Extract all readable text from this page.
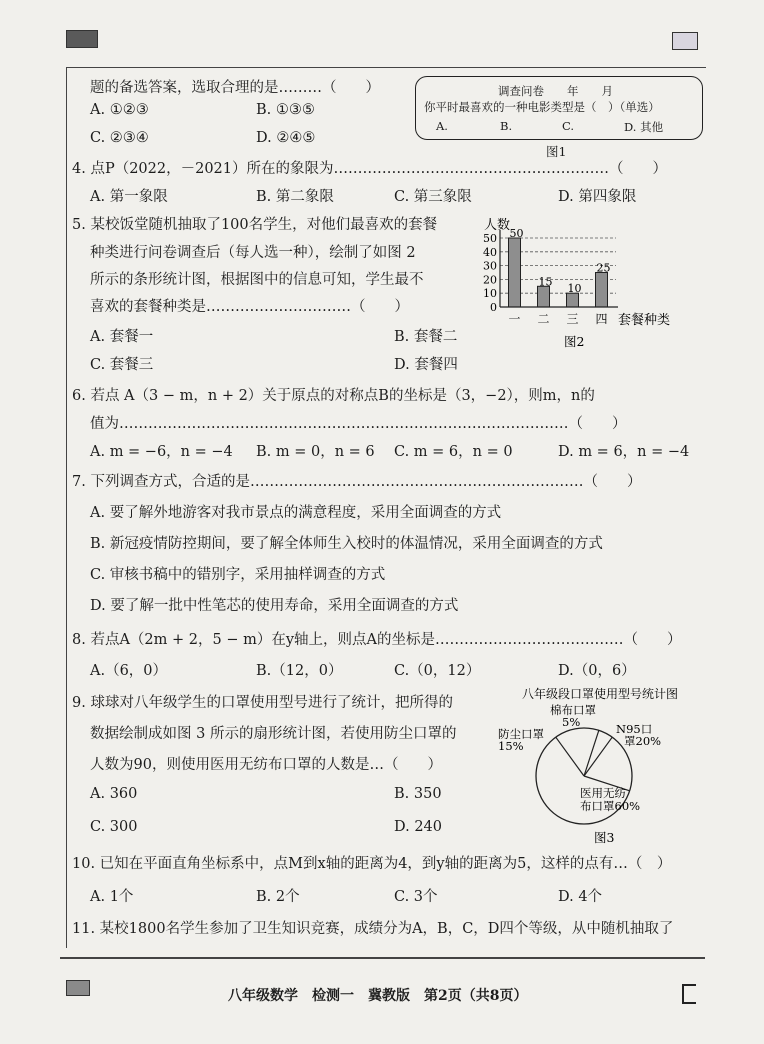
题的备选答案，选取合理的是………（　　）
A. ①②③	B. ①③⑤
C. ②③④	D. ②④⑤
调查问卷　　年　　月
你平时最喜欢的一种电影类型是（　）（单选）
A.	B.	C.	D. 其他
图1
4. 点P（2022，－2021）所在的象限为…………………………………………………（　　）
A. 第一象限	B. 第二象限	C. 第三象限	D. 第四象限
5. 某校饭堂随机抽取了100名学生，对他们最喜欢的套餐
种类进行问卷调查后（每人选一种），绘制了如图 2
所示的条形统计图，根据图中的信息可知，学生最不
喜欢的套餐种类是…………………………（　　）
A. 套餐一	B. 套餐二
C. 套餐三	D. 套餐四
0
10
20
30
40
50
一 二 三 四
50
15
10
25
人数
套餐种类
图2
6. 若点 A（3 − m，n + 2）关于原点的对称点B的坐标是（3，−2），则m，n的
值为…………………………………………………………………………………（　　）
A. m = −6，n = −4 B. m = 0，n = 6 C. m = 6，n = 0	D. m = 6，n = −4
7. 下列调查方式，合适的是……………………………………………………………（　　）
A. 要了解外地游客对我市景点的满意程度，采用全面调查的方式
B. 新冠疫情防控期间，要了解全体师生入校时的体温情况，采用全面调查的方式
C. 审核书稿中的错别字，采用抽样调查的方式
D. 要了解一批中性笔芯的使用寿命，采用全面调查的方式
8. 若点A（2m + 2，5 − m）在y轴上，则点A的坐标是…………………………………（　　）
A.（6，0）	B.（12，0）	C.（0，12）	D.（0，6）
9. 球球对八年级学生的口罩使用型号进行了统计，把所得的
数据绘制成如图 3 所示的扇形统计图，若使用防尘口罩的
人数为90，则使用医用无纺布口罩的人数是…（　　）
A. 360	B. 350
C. 300	D. 240
八年级段口罩使用型号统计图
医用无纺
布口罩60%
防尘口罩
15%
棉布口罩
5%	N95口
罩20%
图3
10. 已知在平面直角坐标系中，点M到x轴的距离为4，到y轴的距离为5，这样的点有…（　）
A. 1个	B. 2个	C. 3个	D. 4个
11. 某校1800名学生参加了卫生知识竞赛，成绩分为A，B，C，D四个等级，从中随机抽取了
八年级数学　检测一　冀教版　第2页（共8页）
